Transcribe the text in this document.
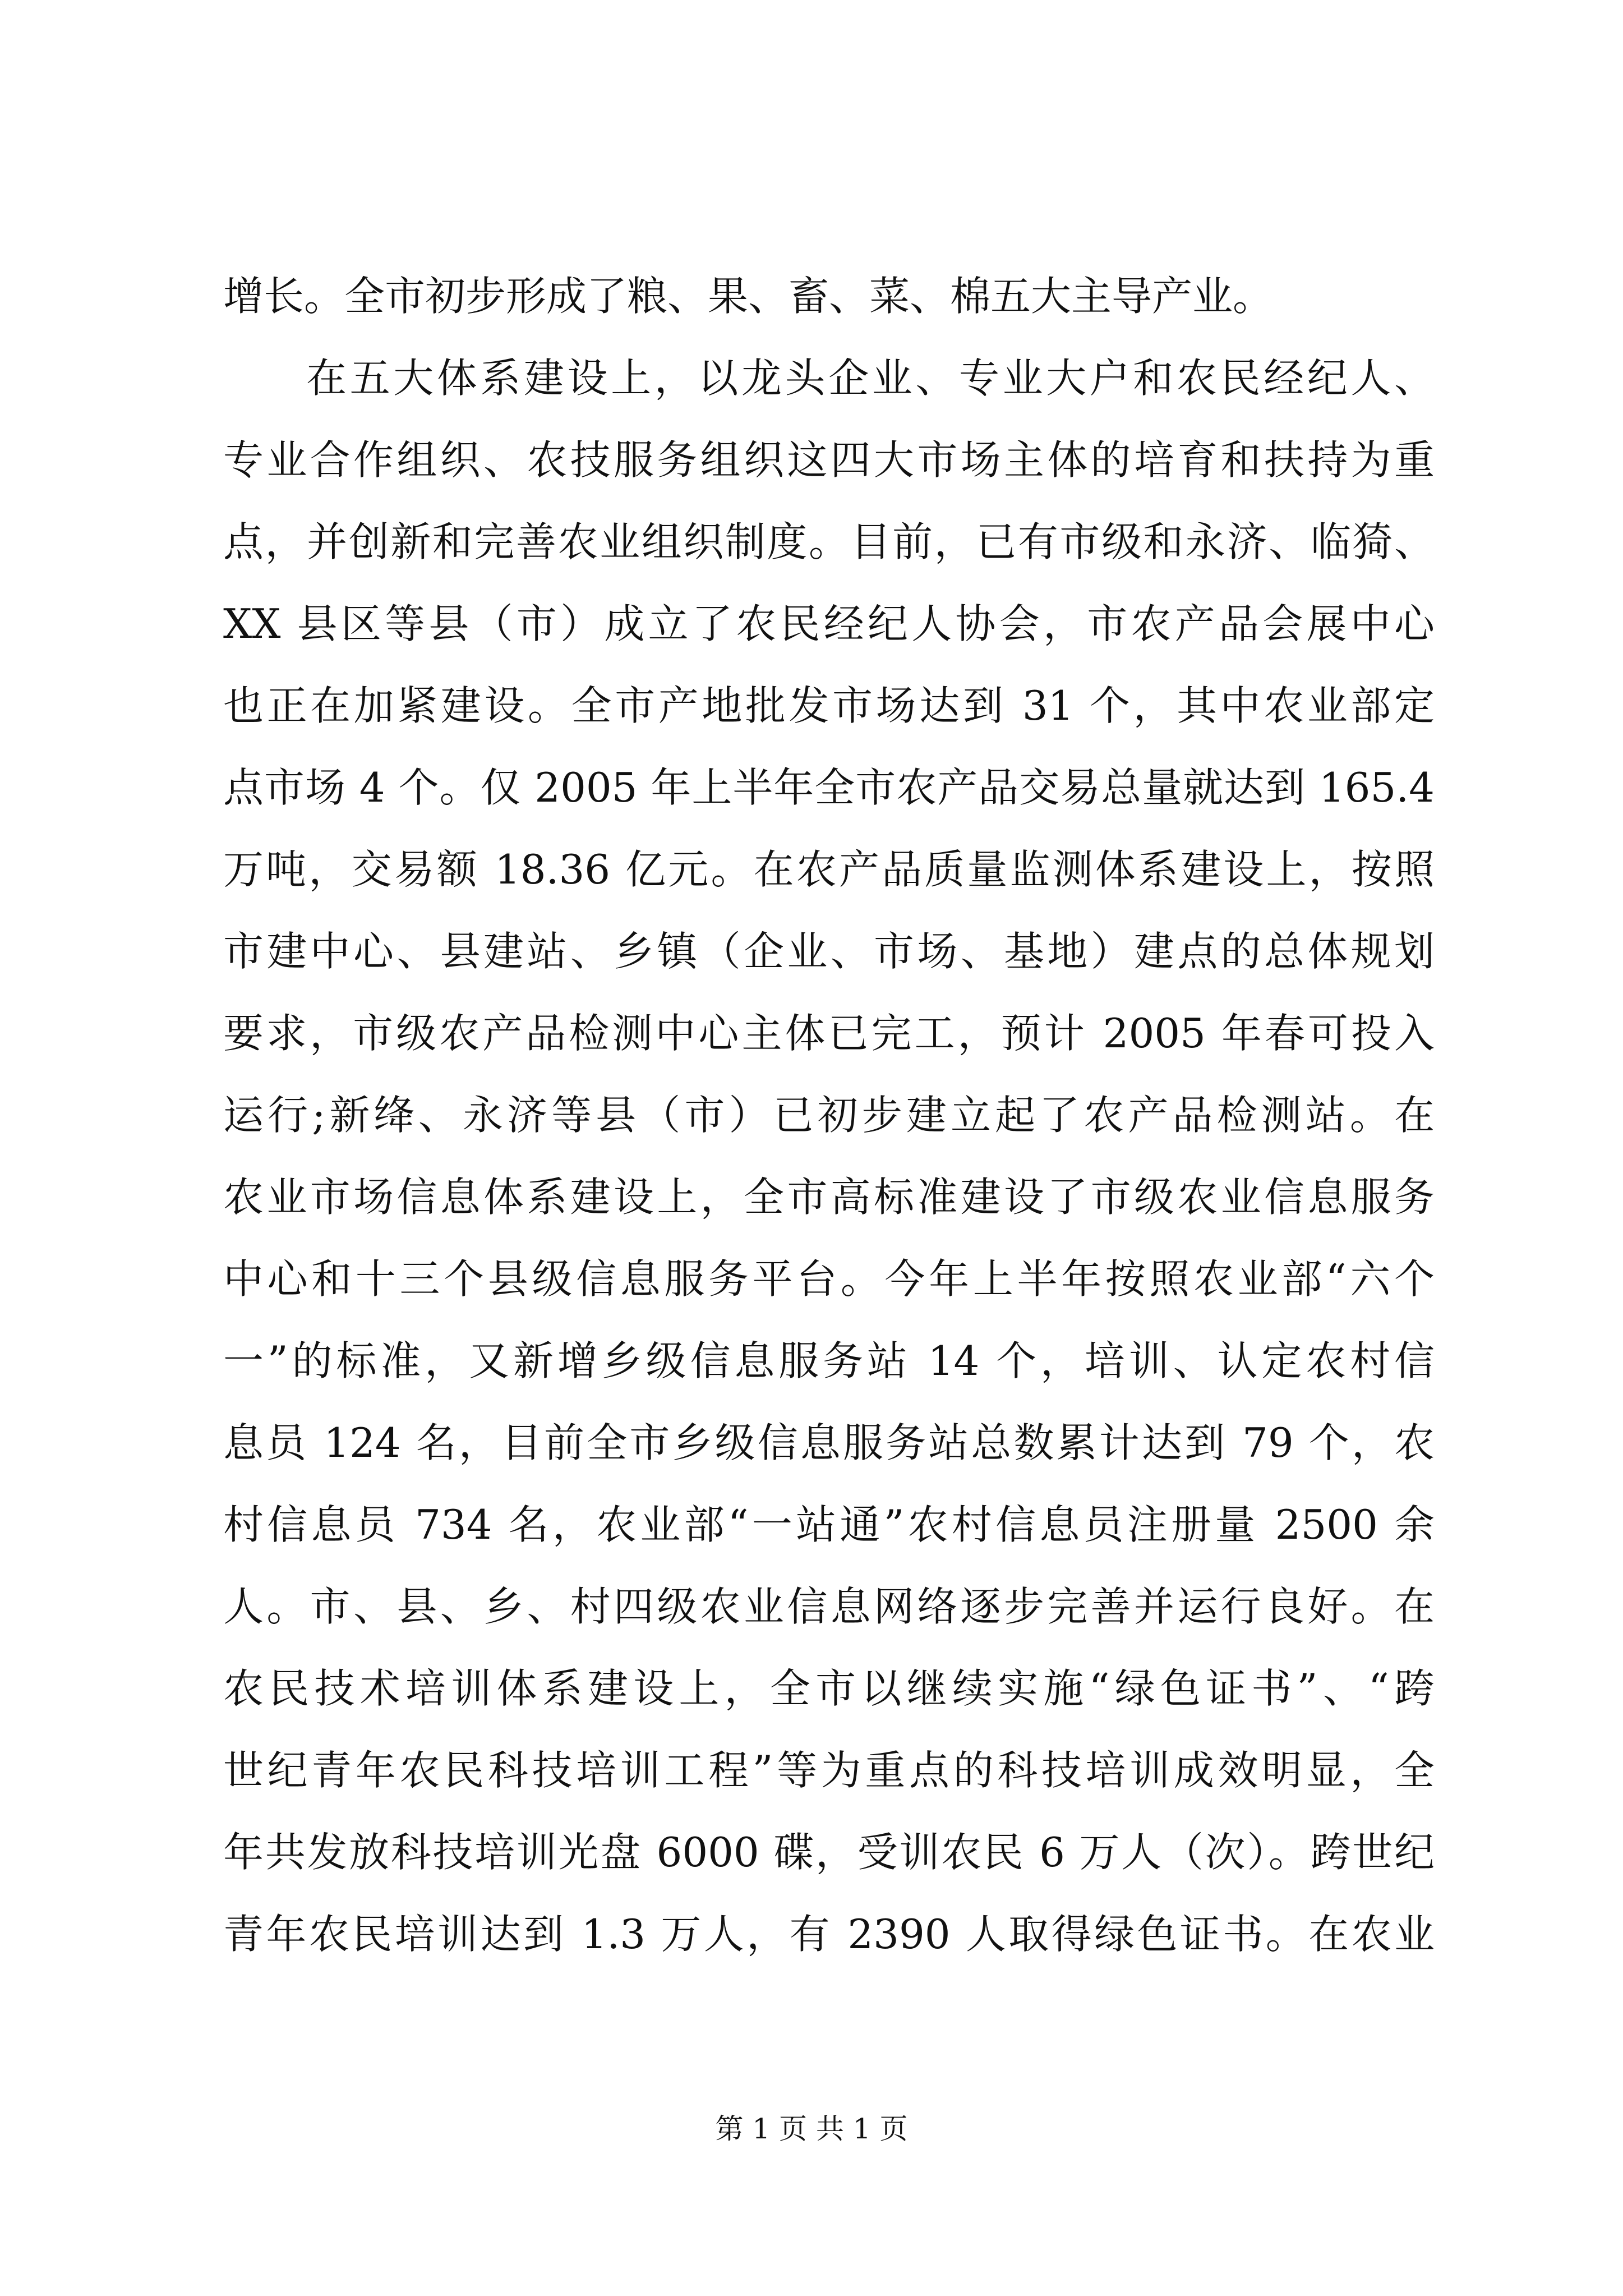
增长。全市初步形成了粮、果、畜、菜、棉五大主导产业。
在五大体系建设上，以龙头企业、专业大户和农民经纪人、
专业合作组织、农技服务组织这四大市场主体的培育和扶持为重
点，并创新和完善农业组织制度。目前，已有市级和永济、临猗、
XX 县区等县（市）成立了农民经纪人协会，市农产品会展中心
也正在加紧建设。全市产地批发市场达到 31 个，其中农业部定
点市场 4 个。仅 2005 年上半年全市农产品交易总量就达到 165.4
万吨，交易额 18.36 亿元。在农产品质量监测体系建设上，按照
市建中心、县建站、乡镇（企业、市场、基地）建点的总体规划
要求，市级农产品检测中心主体已完工，预计 2005 年春可投入
运行;新绛、永济等县（市）已初步建立起了农产品检测站。在
农业市场信息体系建设上，全市高标准建设了市级农业信息服务
中心和十三个县级信息服务平台。今年上半年按照农业部“六个
一”的标准，又新增乡级信息服务站 14 个，培训、认定农村信
息员 124 名，目前全市乡级信息服务站总数累计达到 79 个，农
村信息员 734 名，农业部“一站通”农村信息员注册量 2500 余
人。市、县、乡、村四级农业信息网络逐步完善并运行良好。在
农民技术培训体系建设上，全市以继续实施“绿色证书”、“跨
世纪青年农民科技培训工程”等为重点的科技培训成效明显，全
年共发放科技培训光盘 6000 碟，受训农民 6 万人（次）。跨世纪
青年农民培训达到 1.3 万人，有 2390 人取得绿色证书。在农业
第 1 页 共 1 页
